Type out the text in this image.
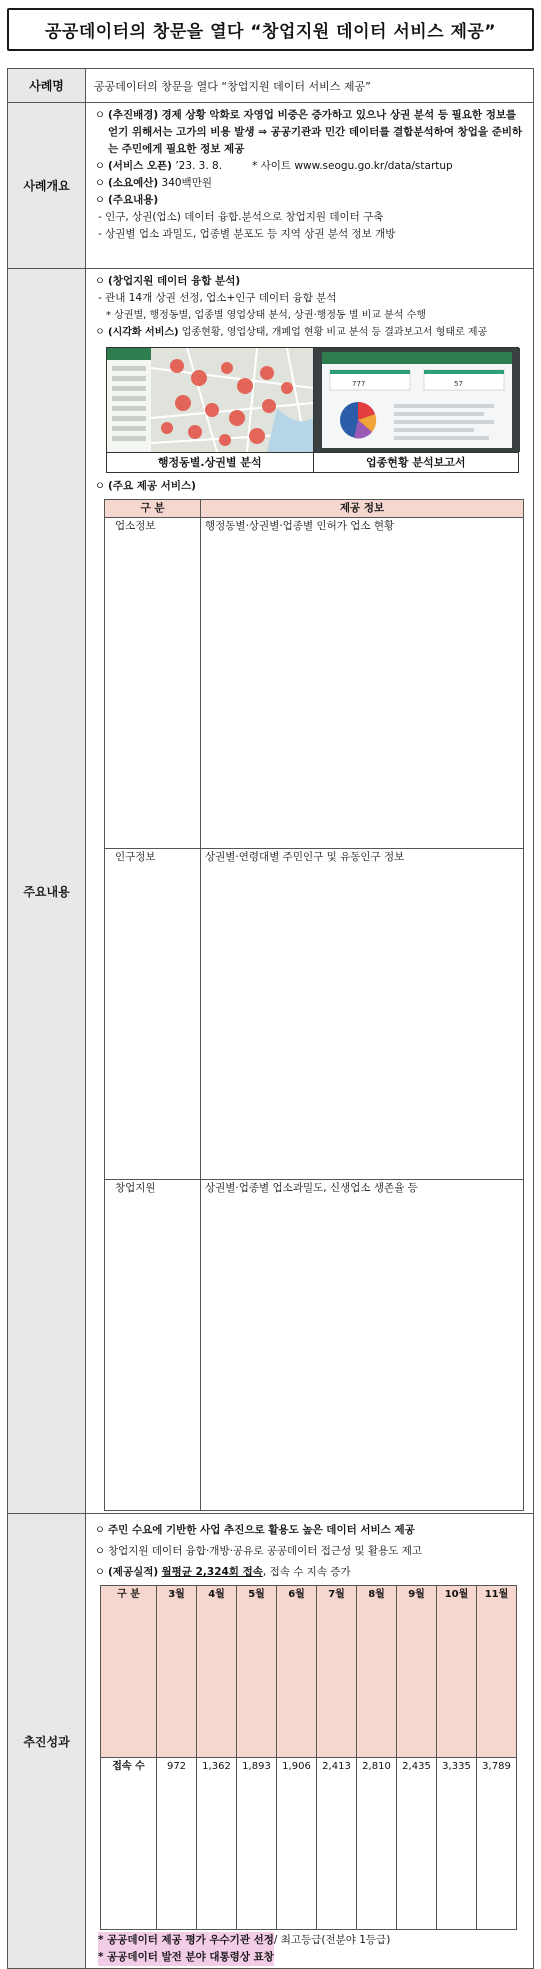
공공데이터의 창문을 열다 “창업지원 데이터 서비스 제공”
사례명	공공데이터의 창문을 열다 “창업지원 데이터 서비스 제공”
사례개요	
ㅇ (추진배경) 경제 상황 악화로 자영업 비중은 증가하고 있으나 상권 분석 등 필요한 정보를 얻기 위해서는 고가의 비용 발생 ⇒ 공공기관과 민간 데이터를 결합분석하여 창업을 준비하는 주민에게 필요한 정보 제공
ㅇ (서비스 오픈)
’23. 3. 8.	* 사이트 www.seogu.go.kr/data/startup
ㅇ (소요예산)
340백만원
ㅇ (주요내용)
- 인구, 상권(업소) 데이터 융합.분석으로 창업지원 데이터 구축
- 상권별 업소 과밀도, 업종별 분포도 등 지역 상권 분석 정보 개방

주요내용	
ㅇ (창업지원 데이터 융합 분석)
- 관내 14개 상권 선정, 업소+인구 데이터 융합 분석
* 상권별, 행정동별, 업종별 영업상태 분석, 상권·행정동 별 비교 분석 수행
ㅇ (시각화 서비스)
업종현황, 영업상태, 개폐업 현황 비교 분석 등 결과보고서 형태로 제공
행정동별.상권별 분석
777	57
업종현황 분석보고서
ㅇ (주요 제공 서비스)
구 분	제공 정보
업소정보	행정동별·상권별·업종별 인허가 업소 현황
인구정보	상권별·연령대별 주민인구 및 유동인구 정보
창업지원	상권별·업종별 업소과밀도, 신생업소 생존율 등

추진성과	
ㅇ 주민 수요에 기반한 사업 추진으로 활용도 높은 데이터 서비스 제공
ㅇ 창업지원 데이터 융합·개방·공유로 공공데이터 접근성 및 활용도 제고
ㅇ (제공실적)
월평균 2,324회 접속 , 접속 수 지속 증가
구 분	3월	4월	5월	6월	7월	8월	9월	10월	11월
접속 수	972	1,362	1,893	1,906	2,413	2,810	2,435	3,335	3,789
* 공공데이터 제공 평가 우수기관 선정 / 최고등급(전분야 1등급)
* 공공데이터 발전 분야 대통령상 표창
